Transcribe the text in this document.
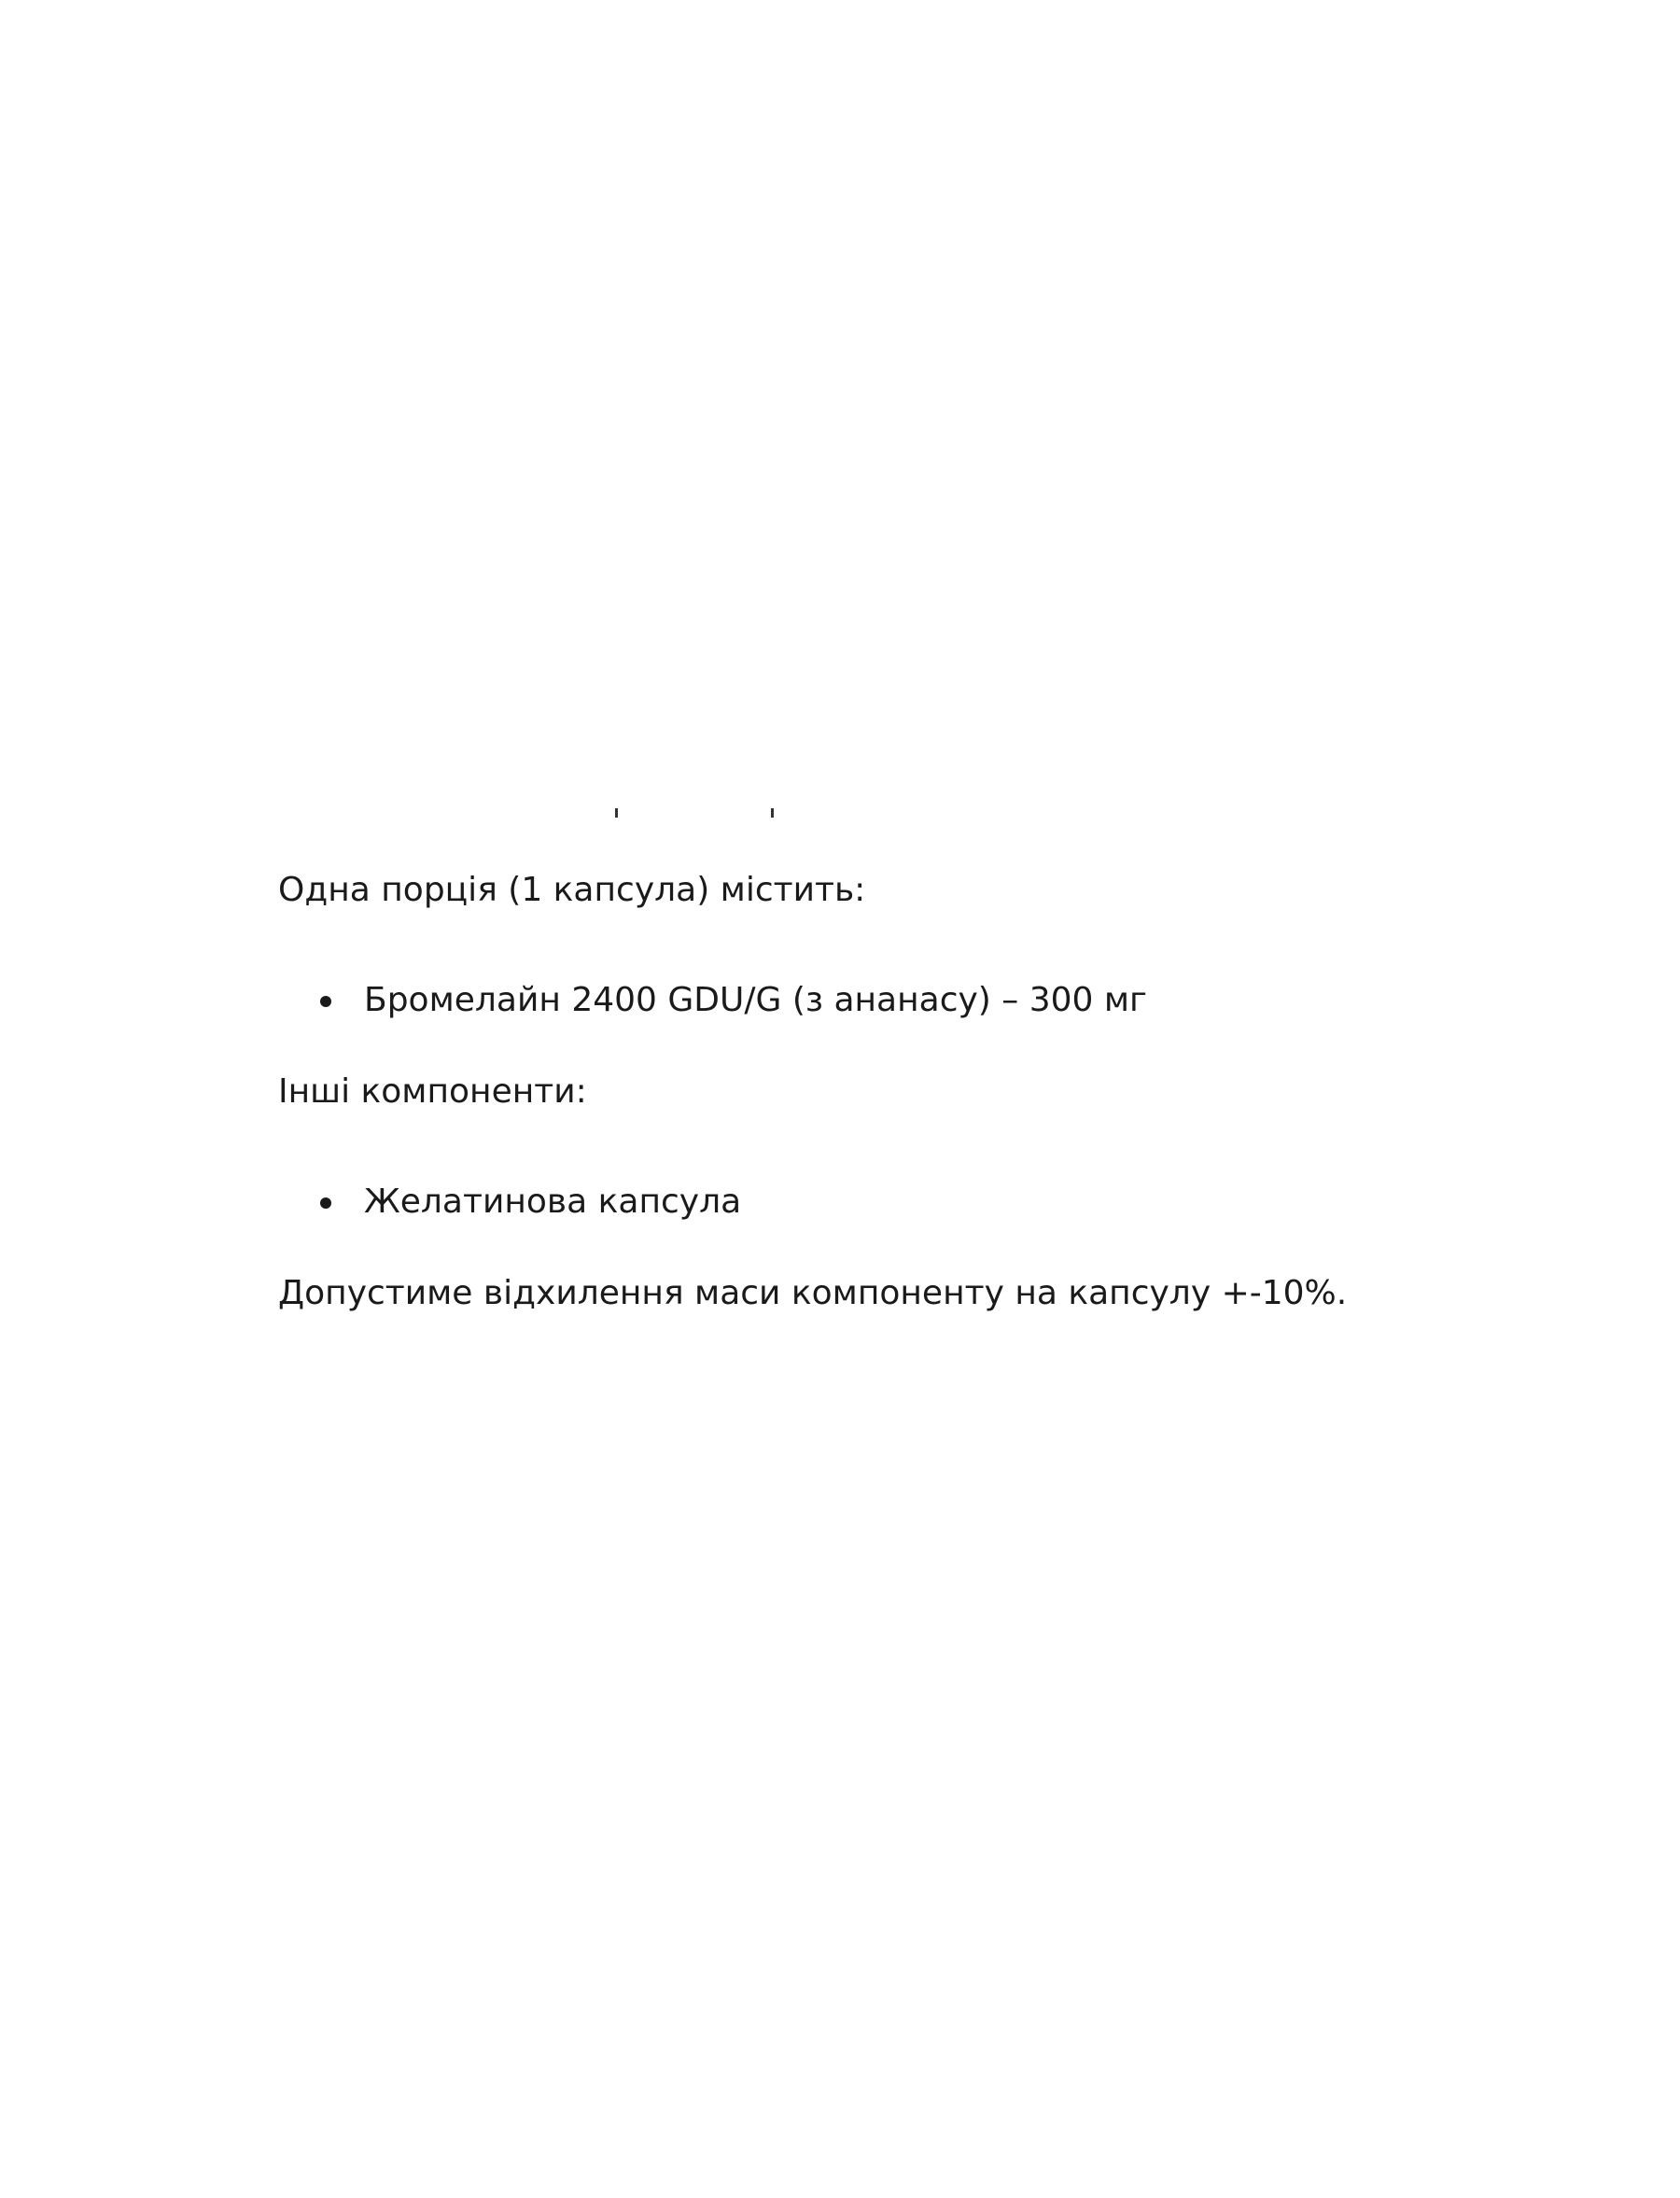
Одна порція (1 капсула) містить:

Бромелайн 2400 GDU/G (з ананасу) – 300 мг

Інші компоненти:

Желатинова капсула

Допустиме відхилення маси компоненту на капсулу +-10%.
